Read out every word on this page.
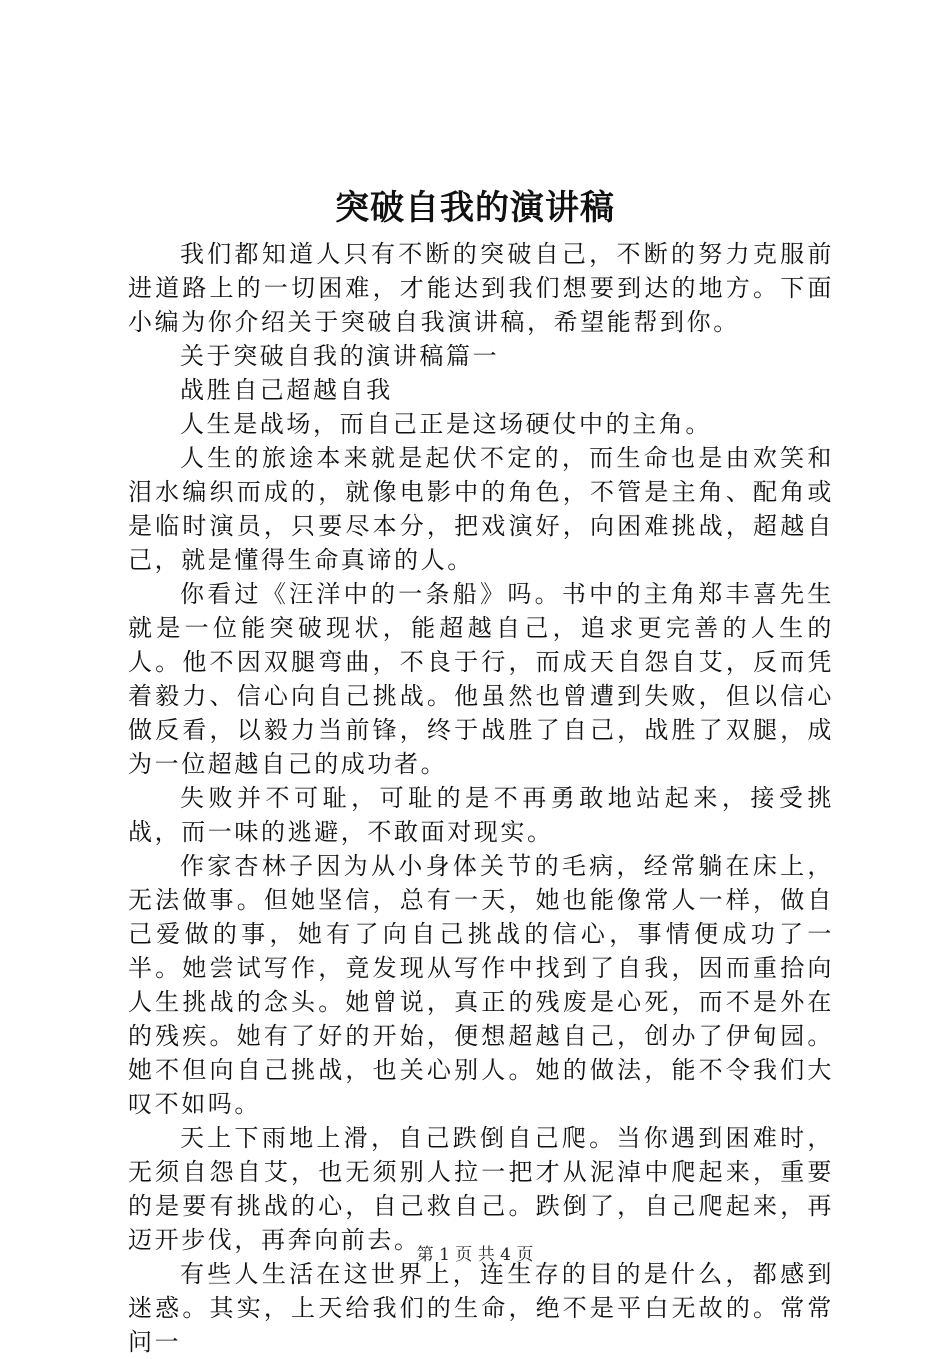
突破自我的演讲稿

我们都知道人只有不断的突破自己，不断的努力克服前进道路上的一切困难，才能达到我们想要到达的地方。下面小编为你介绍关于突破自我演讲稿，希望能帮到你。

关于突破自我的演讲稿篇一

战胜自己超越自我

人生是战场，而自己正是这场硬仗中的主角。

人生的旅途本来就是起伏不定的，而生命也是由欢笑和泪水编织而成的，就像电影中的角色，不管是主角、配角或是临时演员，只要尽本分，把戏演好，向困难挑战，超越自己，就是懂得生命真谛的人。

你看过《汪洋中的一条船》吗。书中的主角郑丰喜先生就是一位能突破现状，能超越自己，追求更完善的人生的人。他不因双腿弯曲，不良于行，而成天自怨自艾，反而凭着毅力、信心向自己挑战。他虽然也曾遭到失败，但以信心做反看，以毅力当前锋，终于战胜了自己，战胜了双腿，成为一位超越自己的成功者。

失败并不可耻，可耻的是不再勇敢地站起来，接受挑战，而一味的逃避，不敢面对现实。

作家杏林子因为从小身体关节的毛病，经常躺在床上，无法做事。但她坚信，总有一天，她也能像常人一样，做自己爱做的事，她有了向自己挑战的信心，事情便成功了一半。她尝试写作，竟发现从写作中找到了自我，因而重拾向人生挑战的念头。她曾说，真正的残废是心死，而不是外在的残疾。她有了好的开始，便想超越自己，创办了伊甸园。她不但向自己挑战，也关心别人。她的做法，能不令我们大叹不如吗。

天上下雨地上滑，自己跌倒自己爬。当你遇到困难时，无须自怨自艾，也无须别人拉一把才从泥淖中爬起来，重要的是要有挑战的心，自己救自己。跌倒了，自己爬起来，再迈开步伐，再奔向前去。

有些人生活在这世界上，连生存的目的是什么，都感到迷惑。其实，上天给我们的生命，绝不是平白无故的。常常问一

第 1 页 共 4 页
